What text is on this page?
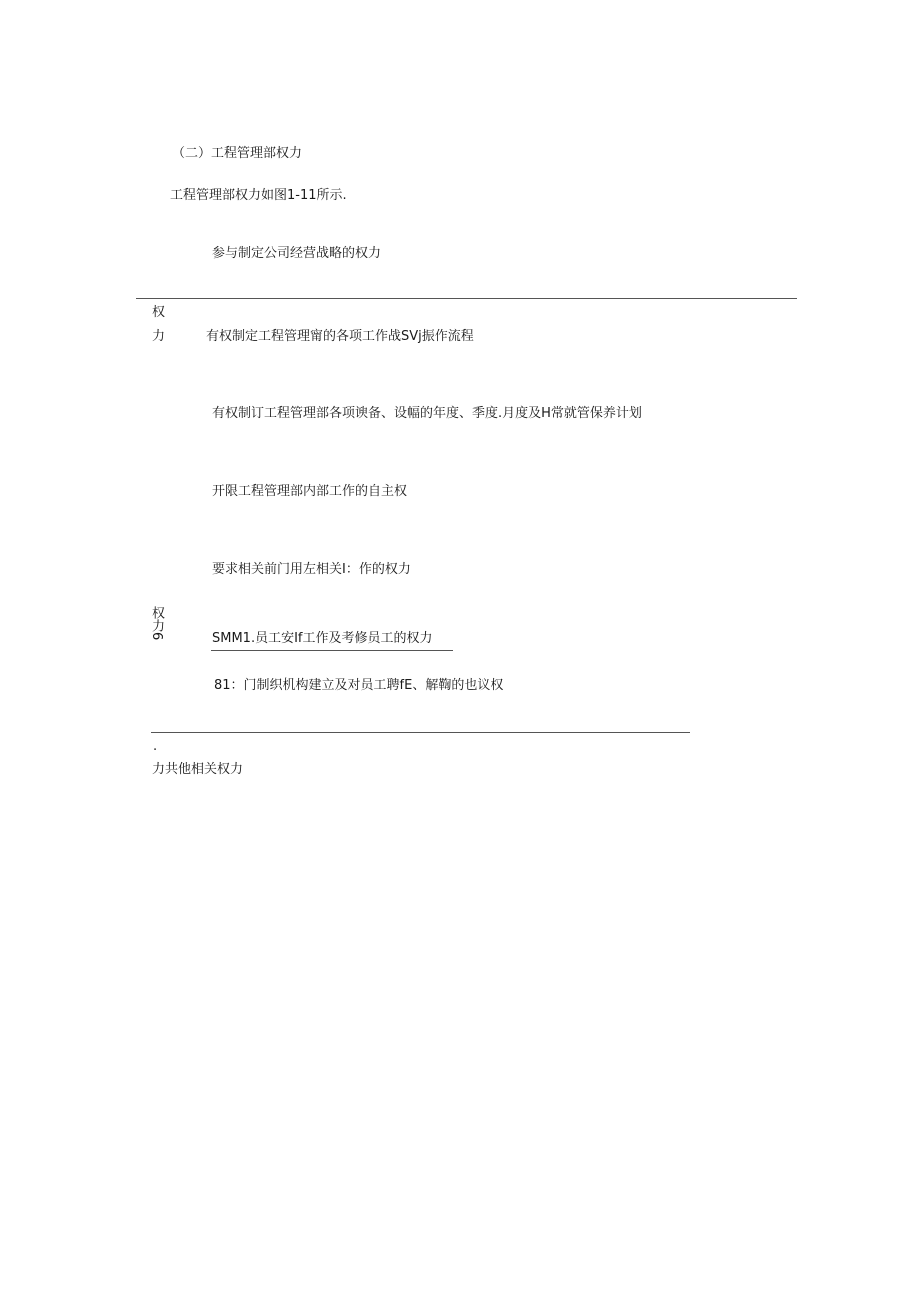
（二）工程管理部权力
工程管理部权力如图1-11所示.
参与制定公司经营战略的权力
权
力	有权制定工程管理甯的各项工作战SVj振作流程
有权制订工程管理部各项谀备、设幅的年度、季度.月度及H常就管保养计划
开限工程管理部内部工作的自主权
要求相关前门用左相关I：作的权力
权力6	SMM1.员工安If工作及考修员工的权力
81：门制织机构建立及对员工聘fE、解鞫的也议权
.
力共他相关权力
